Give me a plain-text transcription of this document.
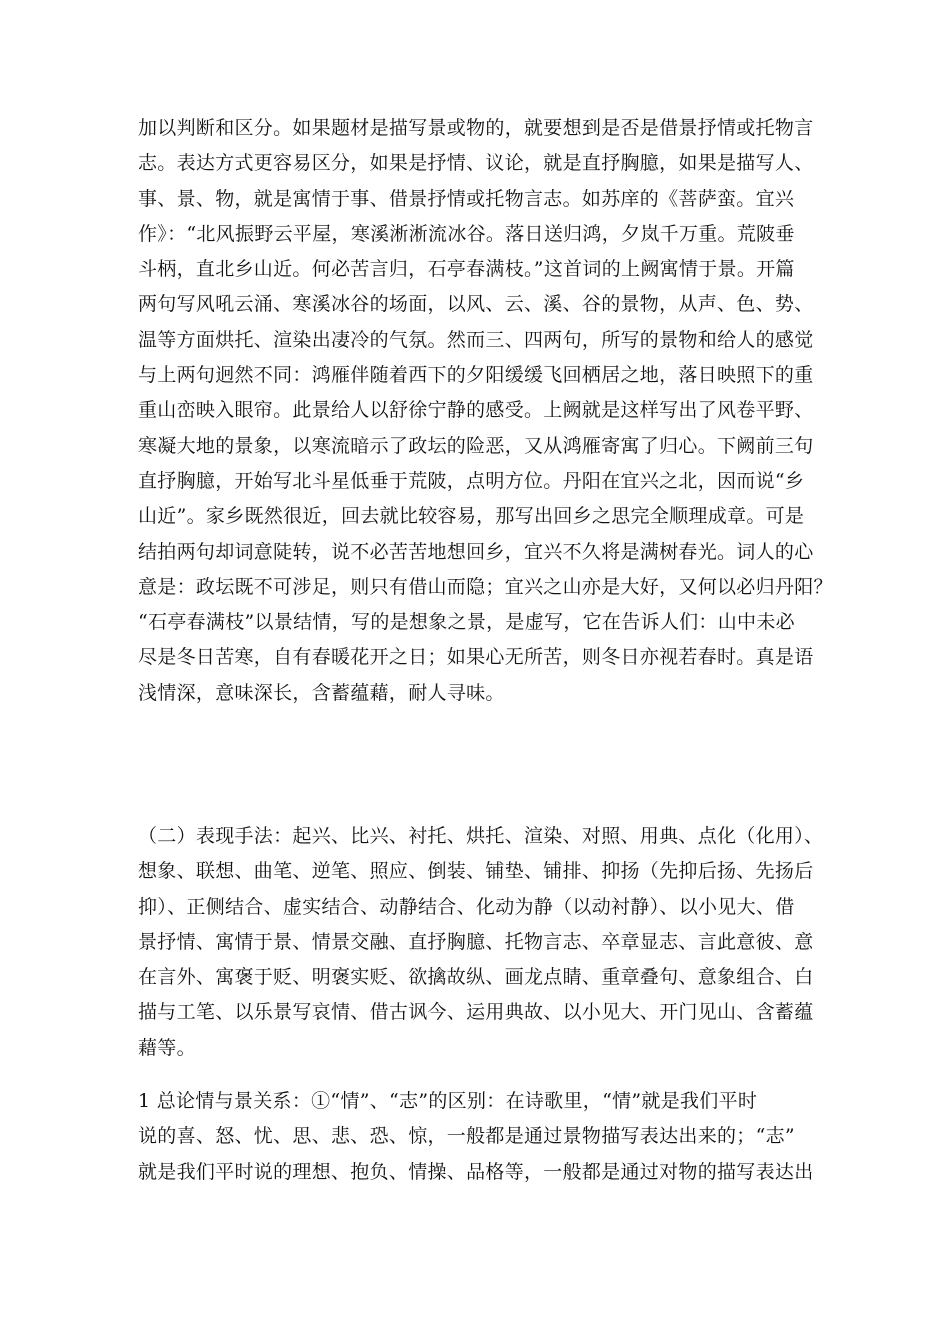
加以判断和区分。如果题材是描写景或物的，就要想到是否是借景抒情或托物言
志。表达方式更容易区分，如果是抒情、议论，就是直抒胸臆，如果是描写人、
事、景、物，就是寓情于事、借景抒情或托物言志。如苏庠的《菩萨蛮。宜兴
作》：“北风振野云平屋，寒溪淅淅流冰谷。落日送归鸿，夕岚千万重。荒陂垂
斗柄，直北乡山近。何必苦言归，石亭春满枝。”这首词的上阙寓情于景。开篇
两句写风吼云涌、寒溪冰谷的场面，以风、云、溪、谷的景物，从声、色、势、
温等方面烘托、渲染出凄冷的气氛。然而三、四两句，所写的景物和给人的感觉
与上两句迥然不同：鸿雁伴随着西下的夕阳缓缓飞回栖居之地，落日映照下的重
重山峦映入眼帘。此景给人以舒徐宁静的感受。上阙就是这样写出了风卷平野、
寒凝大地的景象，以寒流暗示了政坛的险恶，又从鸿雁寄寓了归心。下阙前三句
直抒胸臆，开始写北斗星低垂于荒陂，点明方位。丹阳在宜兴之北，因而说“乡
山近”。家乡既然很近，回去就比较容易，那写出回乡之思完全顺理成章。可是
结拍两句却词意陡转，说不必苦苦地想回乡，宜兴不久将是满树春光。词人的心
意是：政坛既不可涉足，则只有借山而隐；宜兴之山亦是大好，又何以必归丹阳？
“石亭春满枝”以景结情，写的是想象之景，是虚写，它在告诉人们：山中未必
尽是冬日苦寒，自有春暖花开之日；如果心无所苦，则冬日亦视若春时。真是语
浅情深，意味深长，含蓄蕴藉，耐人寻味。
（二）表现手法：起兴、比兴、衬托、烘托、渲染、对照、用典、点化（化用）、
想象、联想、曲笔、逆笔、照应、倒装、铺垫、铺排、抑扬（先抑后扬、先扬后
抑）、正侧结合、虚实结合、动静结合、化动为静（以动衬静）、以小见大、借
景抒情、寓情于景、情景交融、直抒胸臆、托物言志、卒章显志、言此意彼、意
在言外、寓褒于贬、明褒实贬、欲擒故纵、画龙点睛、重章叠句、意象组合、白
描与工笔、以乐景写哀情、借古讽今、运用典故、以小见大、开门见山、含蓄蕴
藉等。
1 总论情与景关系：①“情”、“志”的区别：在诗歌里，“情”就是我们平时
说的喜、怒、忧、思、悲、恐、惊，一般都是通过景物描写表达出来的；“志”
就是我们平时说的理想、抱负、情操、品格等，一般都是通过对物的描写表达出
